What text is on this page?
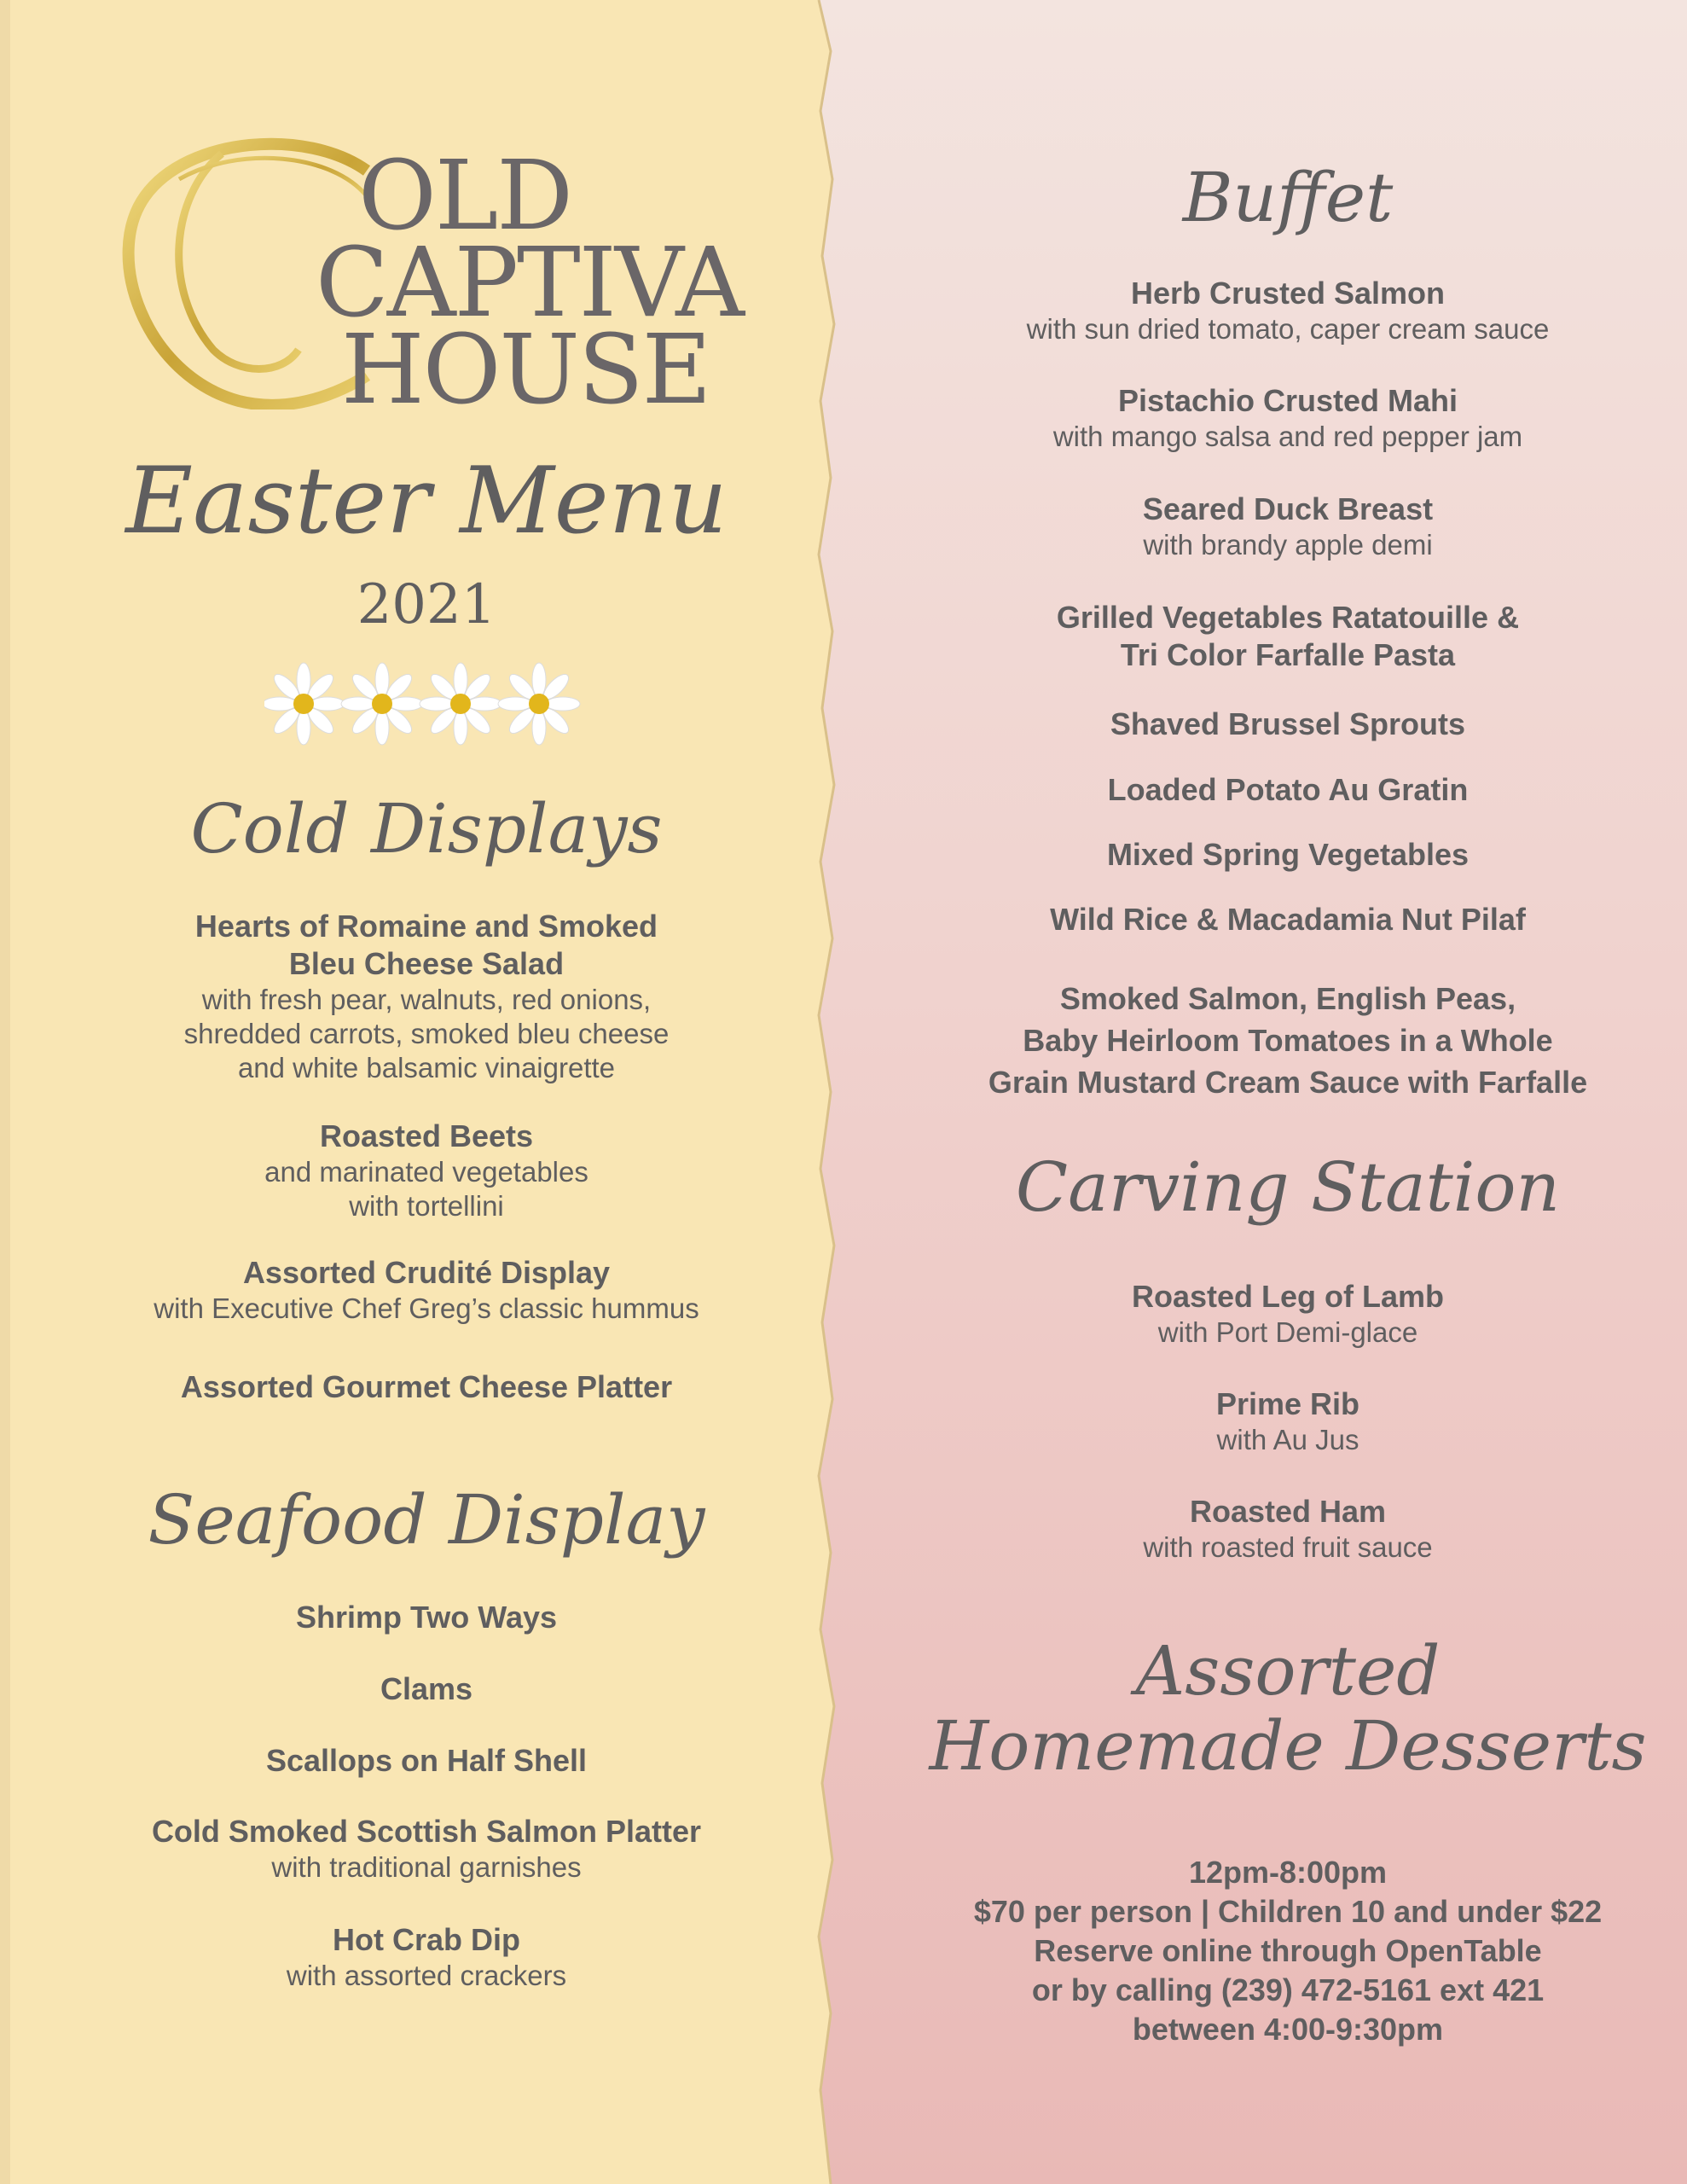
OLD
CAPTIVA
HOUSE
Easter Menu
2021
Cold Displays
Hearts of Romaine and Smoked
Bleu Cheese Salad
with fresh pear, walnuts, red onions,
shredded carrots, smoked bleu cheese
and white balsamic vinaigrette
Roasted Beets
and marinated vegetables
with tortellini
Assorted Crudité Display
with Executive Chef Greg’s classic hummus
Assorted Gourmet Cheese Platter
Seafood Display
Shrimp Two Ways
Clams
Scallops on Half Shell
Cold Smoked Scottish Salmon Platter
with traditional garnishes
Hot Crab Dip
with assorted crackers
Buffet
Herb Crusted Salmon
with sun dried tomato, caper cream sauce
Pistachio Crusted Mahi
with mango salsa and red pepper jam
Seared Duck Breast
with brandy apple demi
Grilled Vegetables Ratatouille &
Tri Color Farfalle Pasta
Shaved Brussel Sprouts
Loaded Potato Au Gratin
Mixed Spring Vegetables
Wild Rice & Macadamia Nut Pilaf
Smoked Salmon, English Peas,
Baby Heirloom Tomatoes in a Whole
Grain Mustard Cream Sauce with Farfalle
Carving Station
Roasted Leg of Lamb
with Port Demi-glace
Prime Rib
with Au Jus
Roasted Ham
with roasted fruit sauce
Assorted
Homemade Desserts
12pm-8:00pm
$70 per person | Children 10 and under $22
Reserve online through OpenTable
or by calling (239) 472-5161 ext 421
between 4:00-9:30pm
